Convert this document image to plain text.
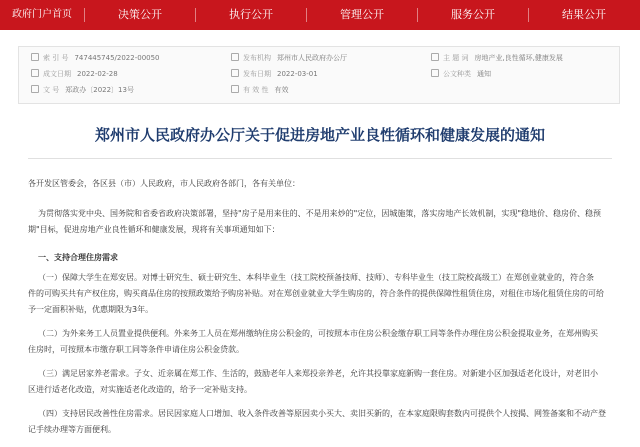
政府门户首页	决策公开	执行公开	管理公开	服务公开	结果公开
索 引 号 747445745/2022-00050	发布机构 郑州市人民政府办公厅	主 题 词 房地产业,良性循环,健康发展
成文日期 2022-02-28	发布日期 2022-03-01	公文种类 通知
文 号 郑政办〔2022〕13号	有 效 性 有效
郑州市人民政府办公厅关于促进房地产业良性循环和健康发展的通知
各开发区管委会，各区县（市）人民政府，市人民政府各部门，各有关单位：
为贯彻落实党中央、国务院和省委省政府决策部署，坚持"房子是用来住的、不是用来炒的"定位，因城施策，落实房地产长效机制，实现"稳地价、稳房价、稳预
期"目标，促进房地产业良性循环和健康发展，现将有关事项通知如下：
一、支持合理住房需求
（一）保障大学生在郑安居。对博士研究生、硕士研究生、本科毕业生（技工院校预备技师、技师）、专科毕业生（技工院校高级工）在郑创业就业的，符合条
件的可购买共有产权住房，购买商品住房的按照政策给予购房补贴。对在郑创业就业大学生购房的，符合条件的提供保障性租赁住房，对租住市场化租赁住房的可给
予一定面积补贴，优惠期限为3年。
（二）为外来务工人员置业提供便利。外来务工人员在郑州缴纳住房公积金的，可按照本市住房公积金缴存职工同等条件办理住房公积金提取业务，在郑州购买
住房时，可按照本市缴存职工同等条件申请住房公积金贷款。
（三）满足居家养老需求。子女、近亲属在郑工作、生活的，鼓励老年人来郑投亲养老，允许其投靠家庭新购一套住房。对新建小区加强适老化设计，对老旧小
区进行适老化改造，对实施适老化改造的，给予一定补贴支持。
（四）支持居民改善性住房需求。居民因家庭人口增加、收入条件改善等原因卖小买大、卖旧买新的，在本家庭限购套数内可提供个人按揭、网签备案和不动产登
记手续办理等方面便利。
